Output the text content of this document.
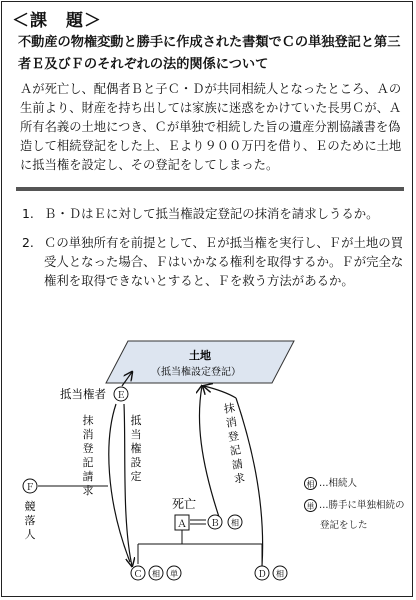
＜課　題＞
不動産の物権変動と勝手に作成された書類でＣの単独登記と第三者Ｅ及びＦのそれぞれの法的関係について
Ａが死亡し、配偶者Ｂと子Ｃ・Ｄが共同相続人となったところ、Ａの生前より、財産を持ち出しては家族に迷惑をかけていた長男Ｃが、Ａ所有名義の土地につき、Ｃが単独で相続した旨の遺産分割協議書を偽造して相続登記をした上、Ｅより９００万円を借り、Ｅのために土地に抵当権を設定し、その登記をしてしまった。
1. Ｂ・ＤはＥに対して抵当権設定登記の抹消を請求しうるか。
2. Ｃの単独所有を前提として、Ｅが抵当権を実行し、Ｆが土地の買受人となった場合、Ｆはいかなる権利を取得するか。Ｆが完全な権利を取得できないとすると、Ｆを救う方法があるか。
土地
（抵当権設定登記）
抵当権者 Ｅ
抹
消
登
記
請
求
抵
当
権
設
定
抹
消
登
記
請
求
Ｆ
競
落
人
死亡
Ａ	Ｂ 相
Ｃ 相 単	Ｄ 相
相 …相続人
単 …勝手に単独相続の
登記をした
